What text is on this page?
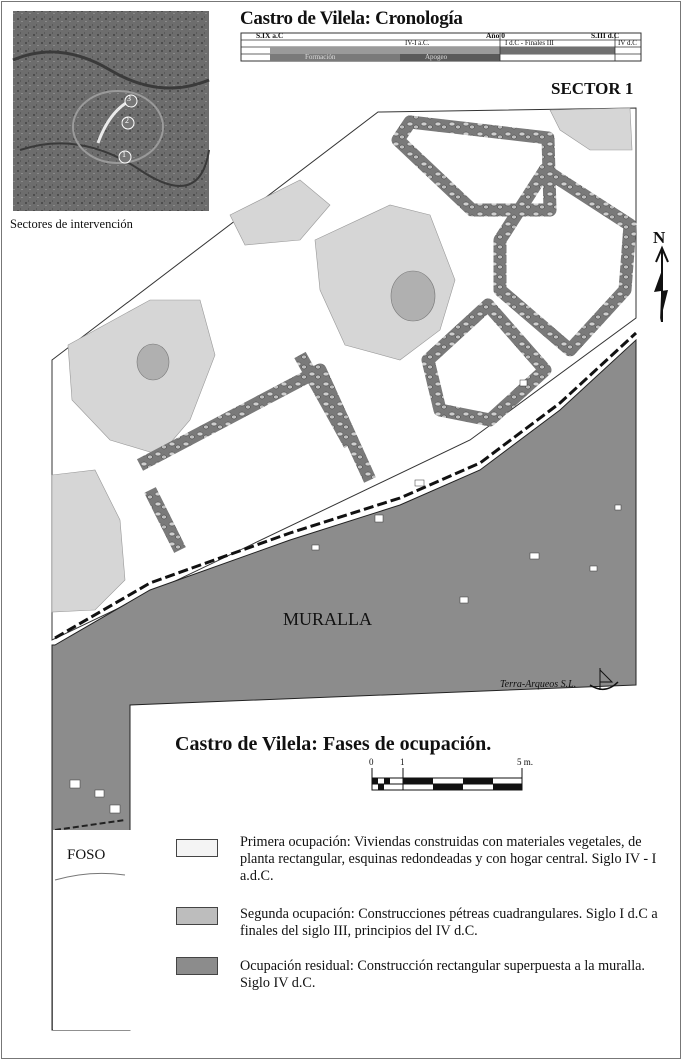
Castro de Vilela: Cronología
S.IX a.C	Año 0	S.III d.C
IV-I a.C.	I d.C - Finales III	IV d.C
Formación	Apogeo
3
2
1
Sectores de intervención
SECTOR 1
N
MURALLA
FOSO
Terra-Arqueos S.L.
Castro de Vilela: Fases de ocupación.
0	1	5 m.
Primera ocupación: Viviendas construidas con materiales vegetales, de planta rectangular, esquinas redondeadas y con hogar central. Siglo IV - I a.d.C.
Segunda ocupación: Construcciones pétreas cuadrangulares. Siglo I d.C a finales del siglo III, principios del IV d.C.
Ocupación residual: Construcción rectangular superpuesta a la muralla. Siglo IV d.C.
